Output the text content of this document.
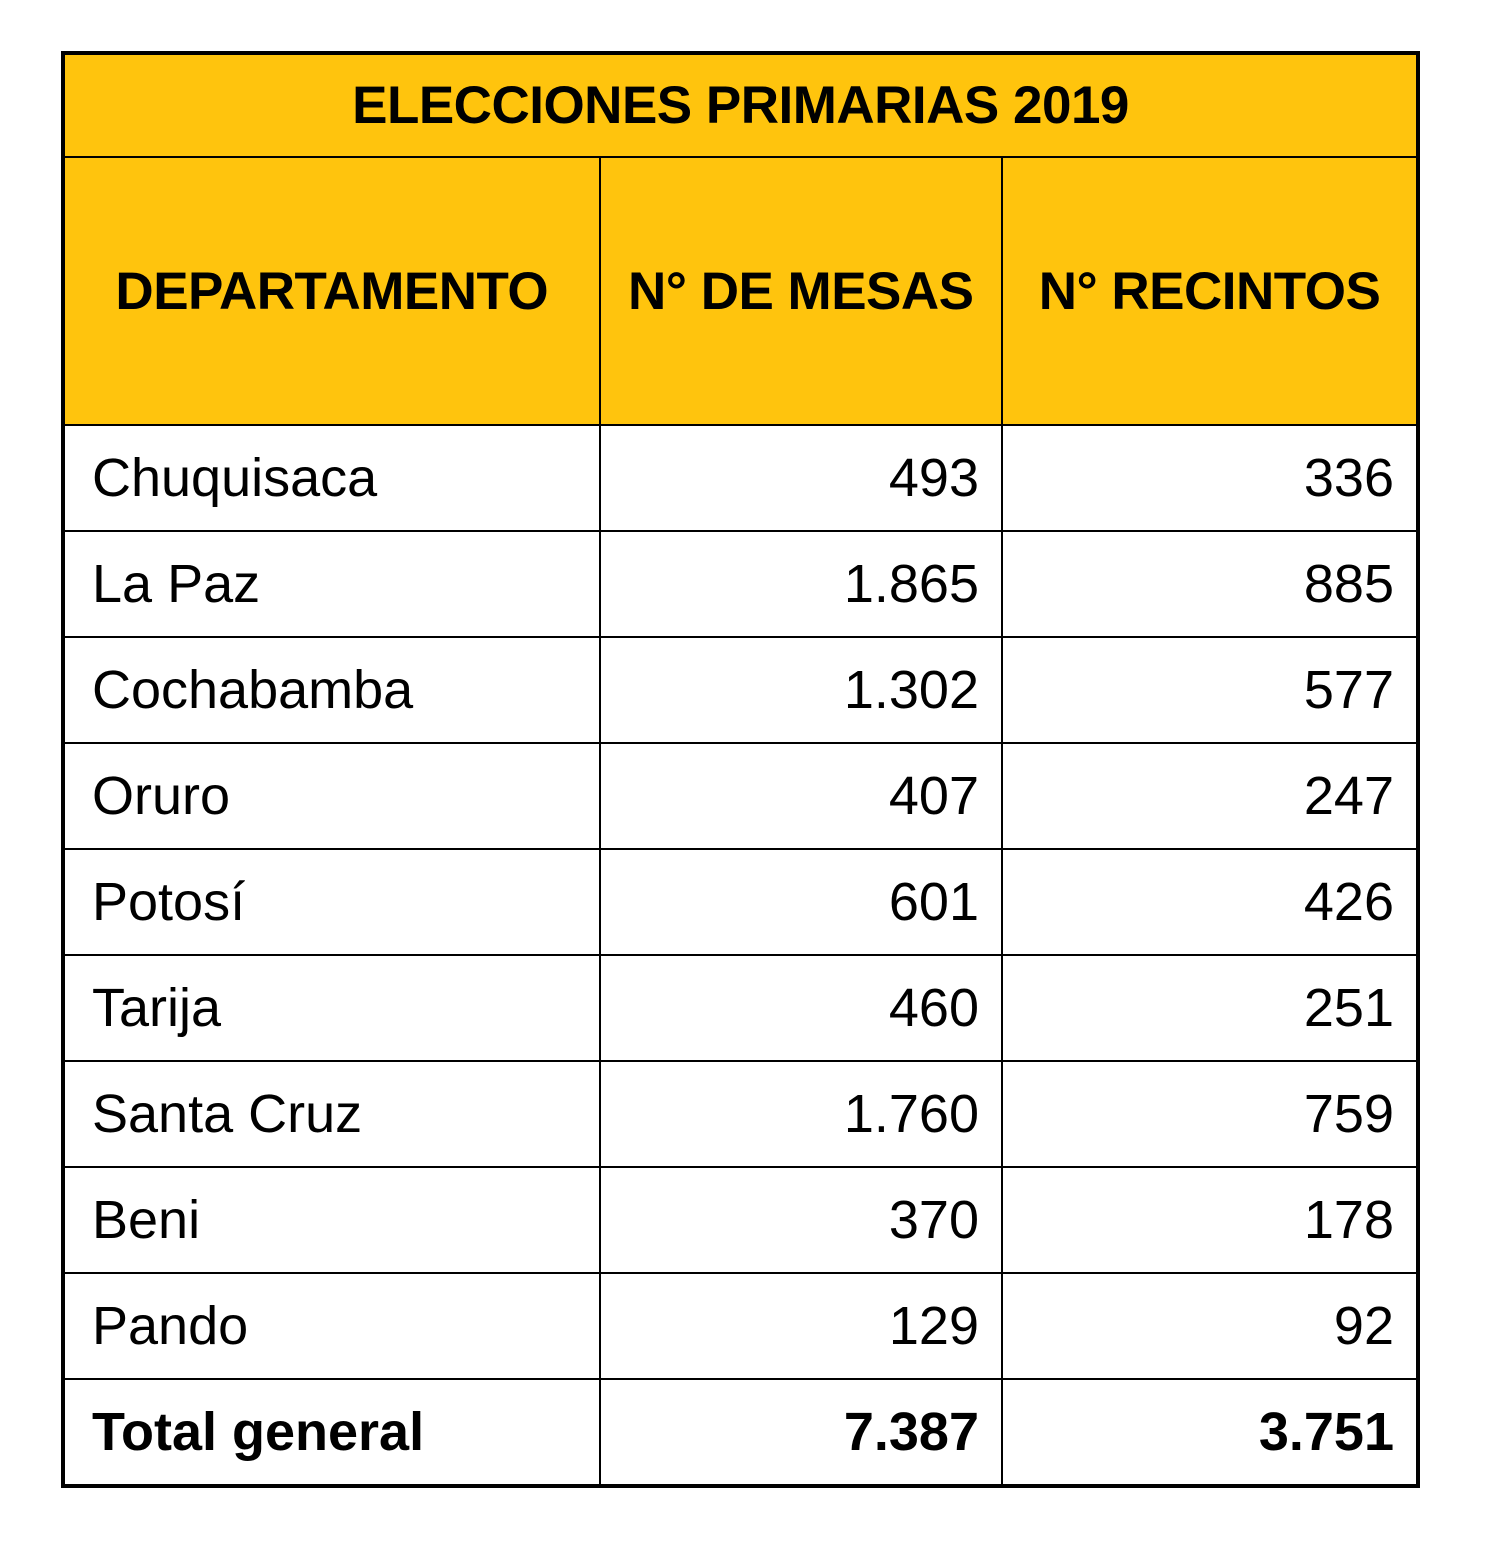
ELECCIONES PRIMARIAS 2019		
DEPARTAMENTO	N° DE MESAS	N° RECINTOS
Chuquisaca	493	336
La Paz	1.865	885
Cochabamba	1.302	577
Oruro	407	247
Potosí	601	426
Tarija	460	251
Santa Cruz	1.760	759
Beni	370	178
Pando	129	92
Total general	7.387	3.751
